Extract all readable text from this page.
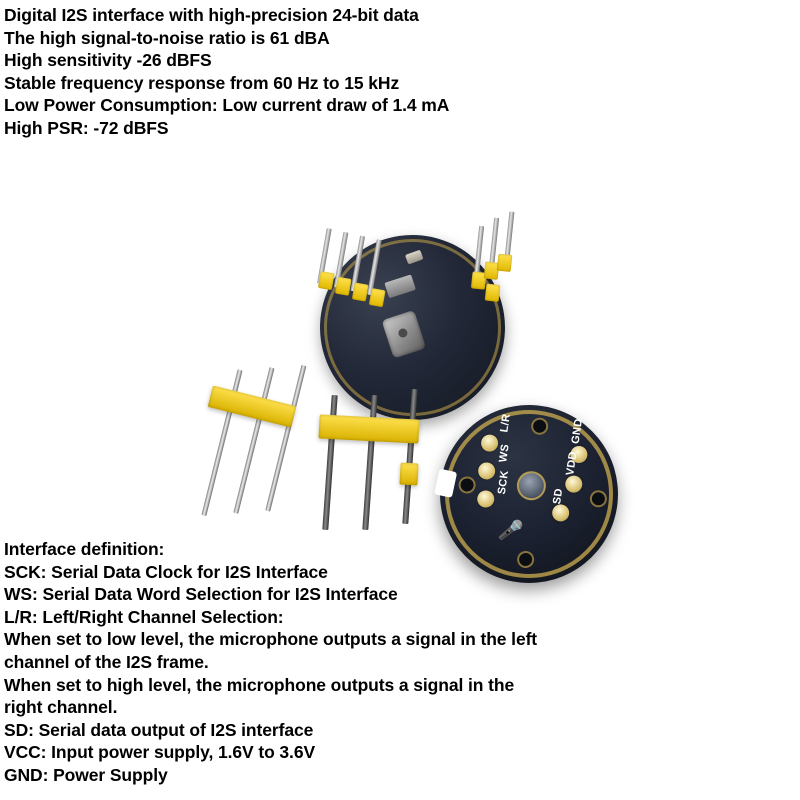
Digital I2S interface with high-precision 24-bit data
The high signal-to-noise ratio is 61 dBA
High sensitivity -26 dBFS
Stable frequency response from 60 Hz to 15 kHz
Low Power Consumption: Low current draw of 1.4 mA
High PSR: -72 dBFS
L/R
WS
SCK
SD
VDD
GND
🎤
Interface definition:
SCK: Serial Data Clock for I2S Interface
WS: Serial Data Word Selection for I2S Interface
L/R: Left/Right Channel Selection:
When set to low level, the microphone outputs a signal in the left
channel of the I2S frame.
When set to high level, the microphone outputs a signal in the
right channel.
SD: Serial data output of I2S interface
VCC: Input power supply, 1.6V to 3.6V
GND: Power Supply
